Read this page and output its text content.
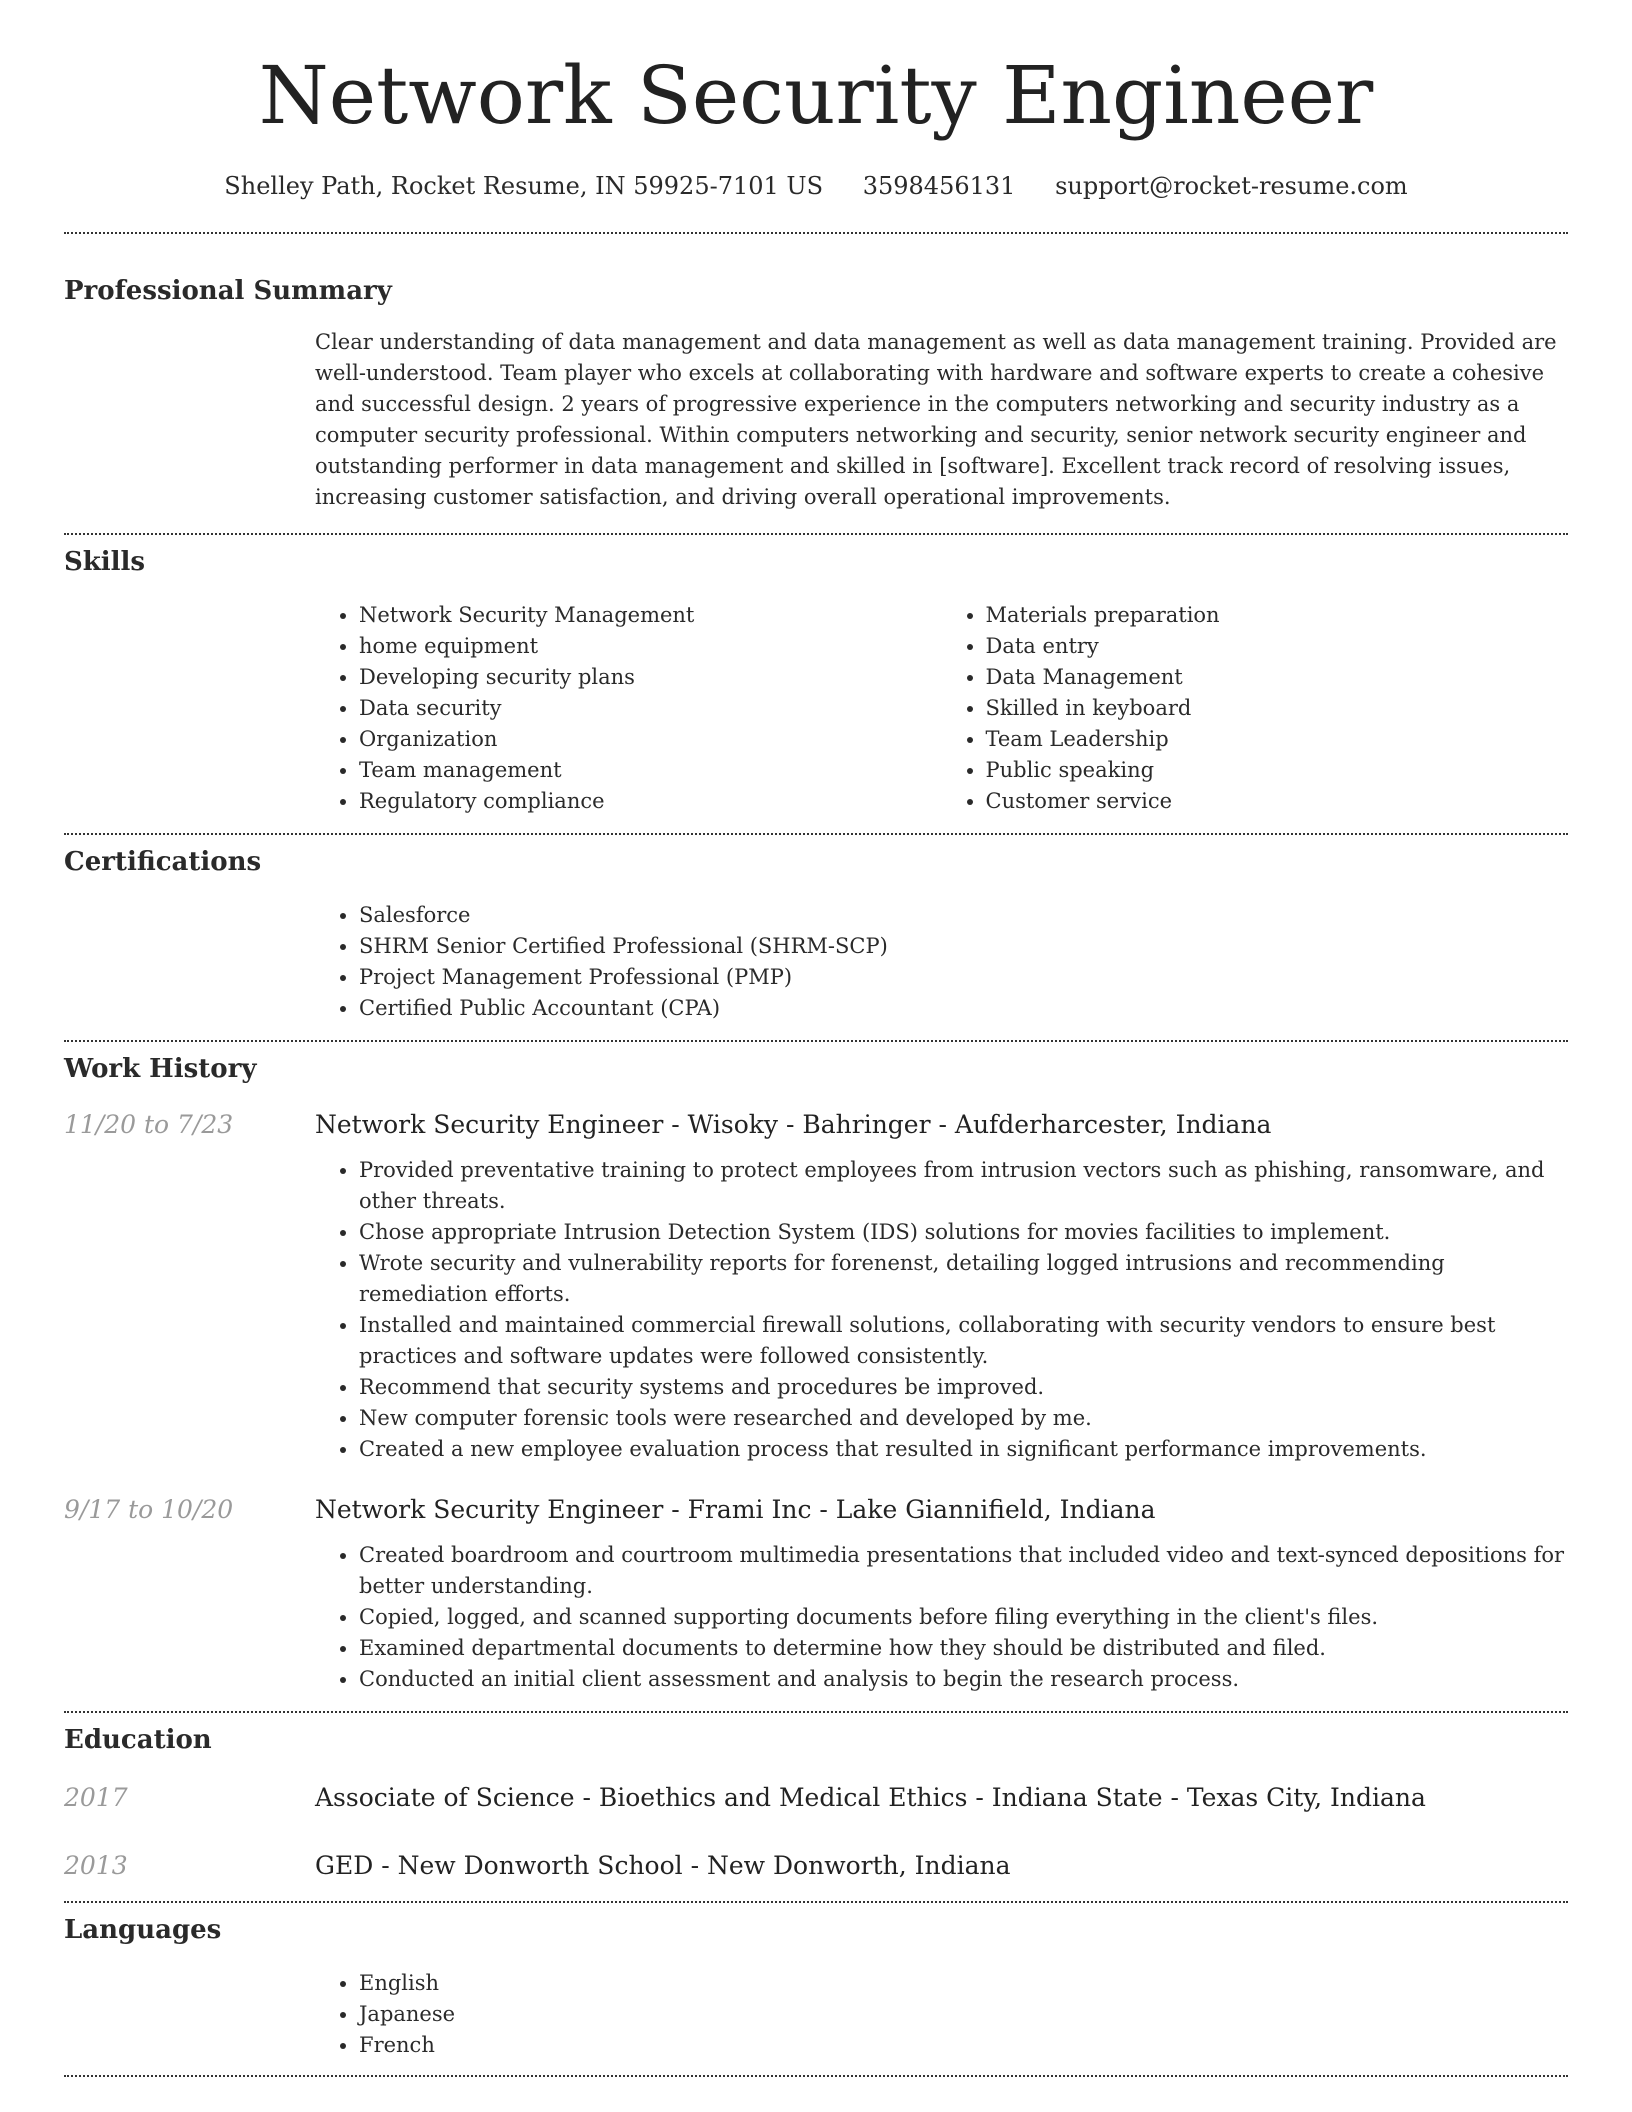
Network Security Engineer
Shelley Path, Rocket Resume, IN 59925-7101 US 3598456131 support@rocket-resume.com
Professional Summary
Clear understanding of data management and data management as well as data management training. Provided are well-understood. Team player who excels at collaborating with hardware and software experts to create a cohesive and successful design. 2 years of progressive experience in the computers networking and security industry as a computer security professional. Within computers networking and security, senior network security engineer and outstanding performer in data management and skilled in [software]. Excellent track record of resolving issues, increasing customer satisfaction, and driving overall operational improvements.
Skills
• Network Security Management
• home equipment
• Developing security plans
• Data security
• Organization
• Team management
• Regulatory compliance
• Materials preparation
• Data entry
• Data Management
• Skilled in keyboard
• Team Leadership
• Public speaking
• Customer service
Certifications
• Salesforce
• SHRM Senior Certified Professional (SHRM-SCP)
• Project Management Professional (PMP)
• Certified Public Accountant (CPA)
Work History
11/20 to 7/23	Network Security Engineer - Wisoky - Bahringer - Aufderharcester, Indiana
• Provided preventative training to protect employees from intrusion vectors such as phishing, ransomware, and other threats.
• Chose appropriate Intrusion Detection System (IDS) solutions for movies facilities to implement.
• Wrote security and vulnerability reports for forenenst, detailing logged intrusions and recommending remediation efforts.
• Installed and maintained commercial firewall solutions, collaborating with security vendors to ensure best practices and software updates were followed consistently.
• Recommend that security systems and procedures be improved.
• New computer forensic tools were researched and developed by me.
• Created a new employee evaluation process that resulted in significant performance improvements.
9/17 to 10/20	Network Security Engineer - Frami Inc - Lake Giannifield, Indiana
• Created boardroom and courtroom multimedia presentations that included video and text-synced depositions for better understanding.
• Copied, logged, and scanned supporting documents before filing everything in the client's files.
• Examined departmental documents to determine how they should be distributed and filed.
• Conducted an initial client assessment and analysis to begin the research process.
Education
2017	Associate of Science - Bioethics and Medical Ethics - Indiana State - Texas City, Indiana
2013	GED - New Donworth School - New Donworth, Indiana
Languages
• English
• Japanese
• French
